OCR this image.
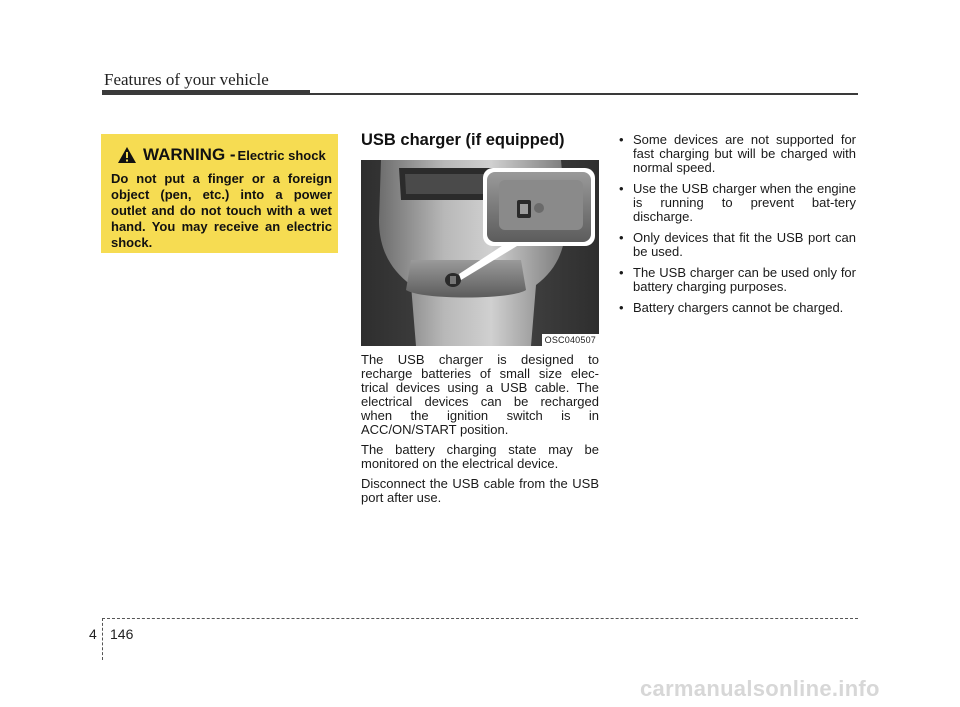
Features of your vehicle
WARNING - Electric shock
Do not put a finger or a foreign object (pen, etc.) into a power outlet and do not touch with a wet hand. You may receive an electric shock.
USB charger (if equipped)
OSC040507

The USB charger is designed to recharge batteries of small size elec-trical devices using a USB cable. The electrical devices can be recharged when the ignition switch is in ACC/ON/START position.

The battery charging state may be monitored on the electrical device.

Disconnect the USB cable from the USB port after use.

• Some devices are not supported for fast charging but will be charged with normal speed.
• Use the USB charger when the engine is running to prevent bat-tery discharge.
• Only devices that fit the USB port can be used.
• The USB charger can be used only for battery charging purposes.
• Battery chargers cannot be charged.
4 146
carmanualsonline.info
